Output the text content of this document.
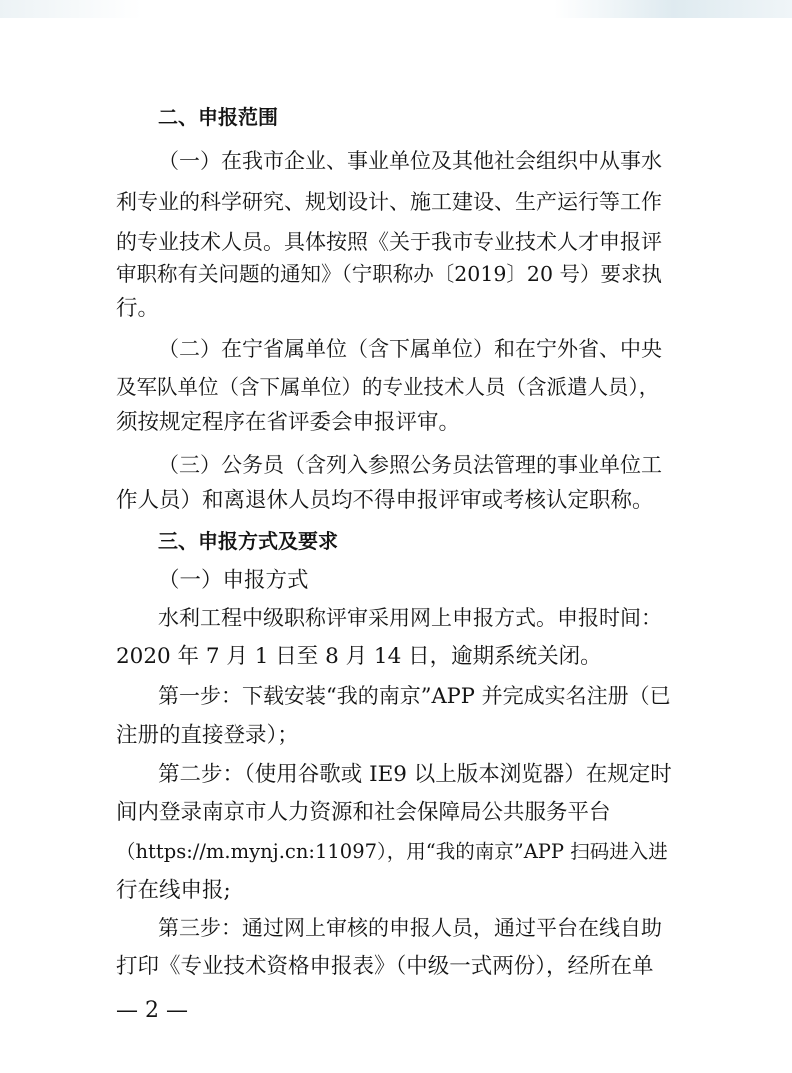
二、申报范围
（一）在我市企业、事业单位及其他社会组织中从事水
利专业的科学研究、规划设计、施工建设、生产运行等工作
的专业技术人员。具体按照《关于我市专业技术人才申报评
审职称有关问题的通知》（宁职称办〔2019〕20 号）要求执
行。
（二）在宁省属单位（含下属单位）和在宁外省、中央
及军队单位（含下属单位）的专业技术人员（含派遣人员），
须按规定程序在省评委会申报评审。
（三）公务员（含列入参照公务员法管理的事业单位工
作人员）和离退休人员均不得申报评审或考核认定职称。
三、申报方式及要求
（一）申报方式
水利工程中级职称评审采用网上申报方式。申报时间：
2020 年 7 月 1 日至 8 月 14 日，逾期系统关闭。
第一步：下载安装“我的南京”APP 并完成实名注册（已
注册的直接登录）；
第二步：（使用谷歌或 IE9 以上版本浏览器）在规定时
间内登录南京市人力资源和社会保障局公共服务平台
（https://m.mynj.cn:11097），用“我的南京”APP 扫码进入进
行在线申报;
第三步：通过网上审核的申报人员，通过平台在线自助
打印《专业技术资格申报表》（中级一式两份），经所在单
— 2 —
